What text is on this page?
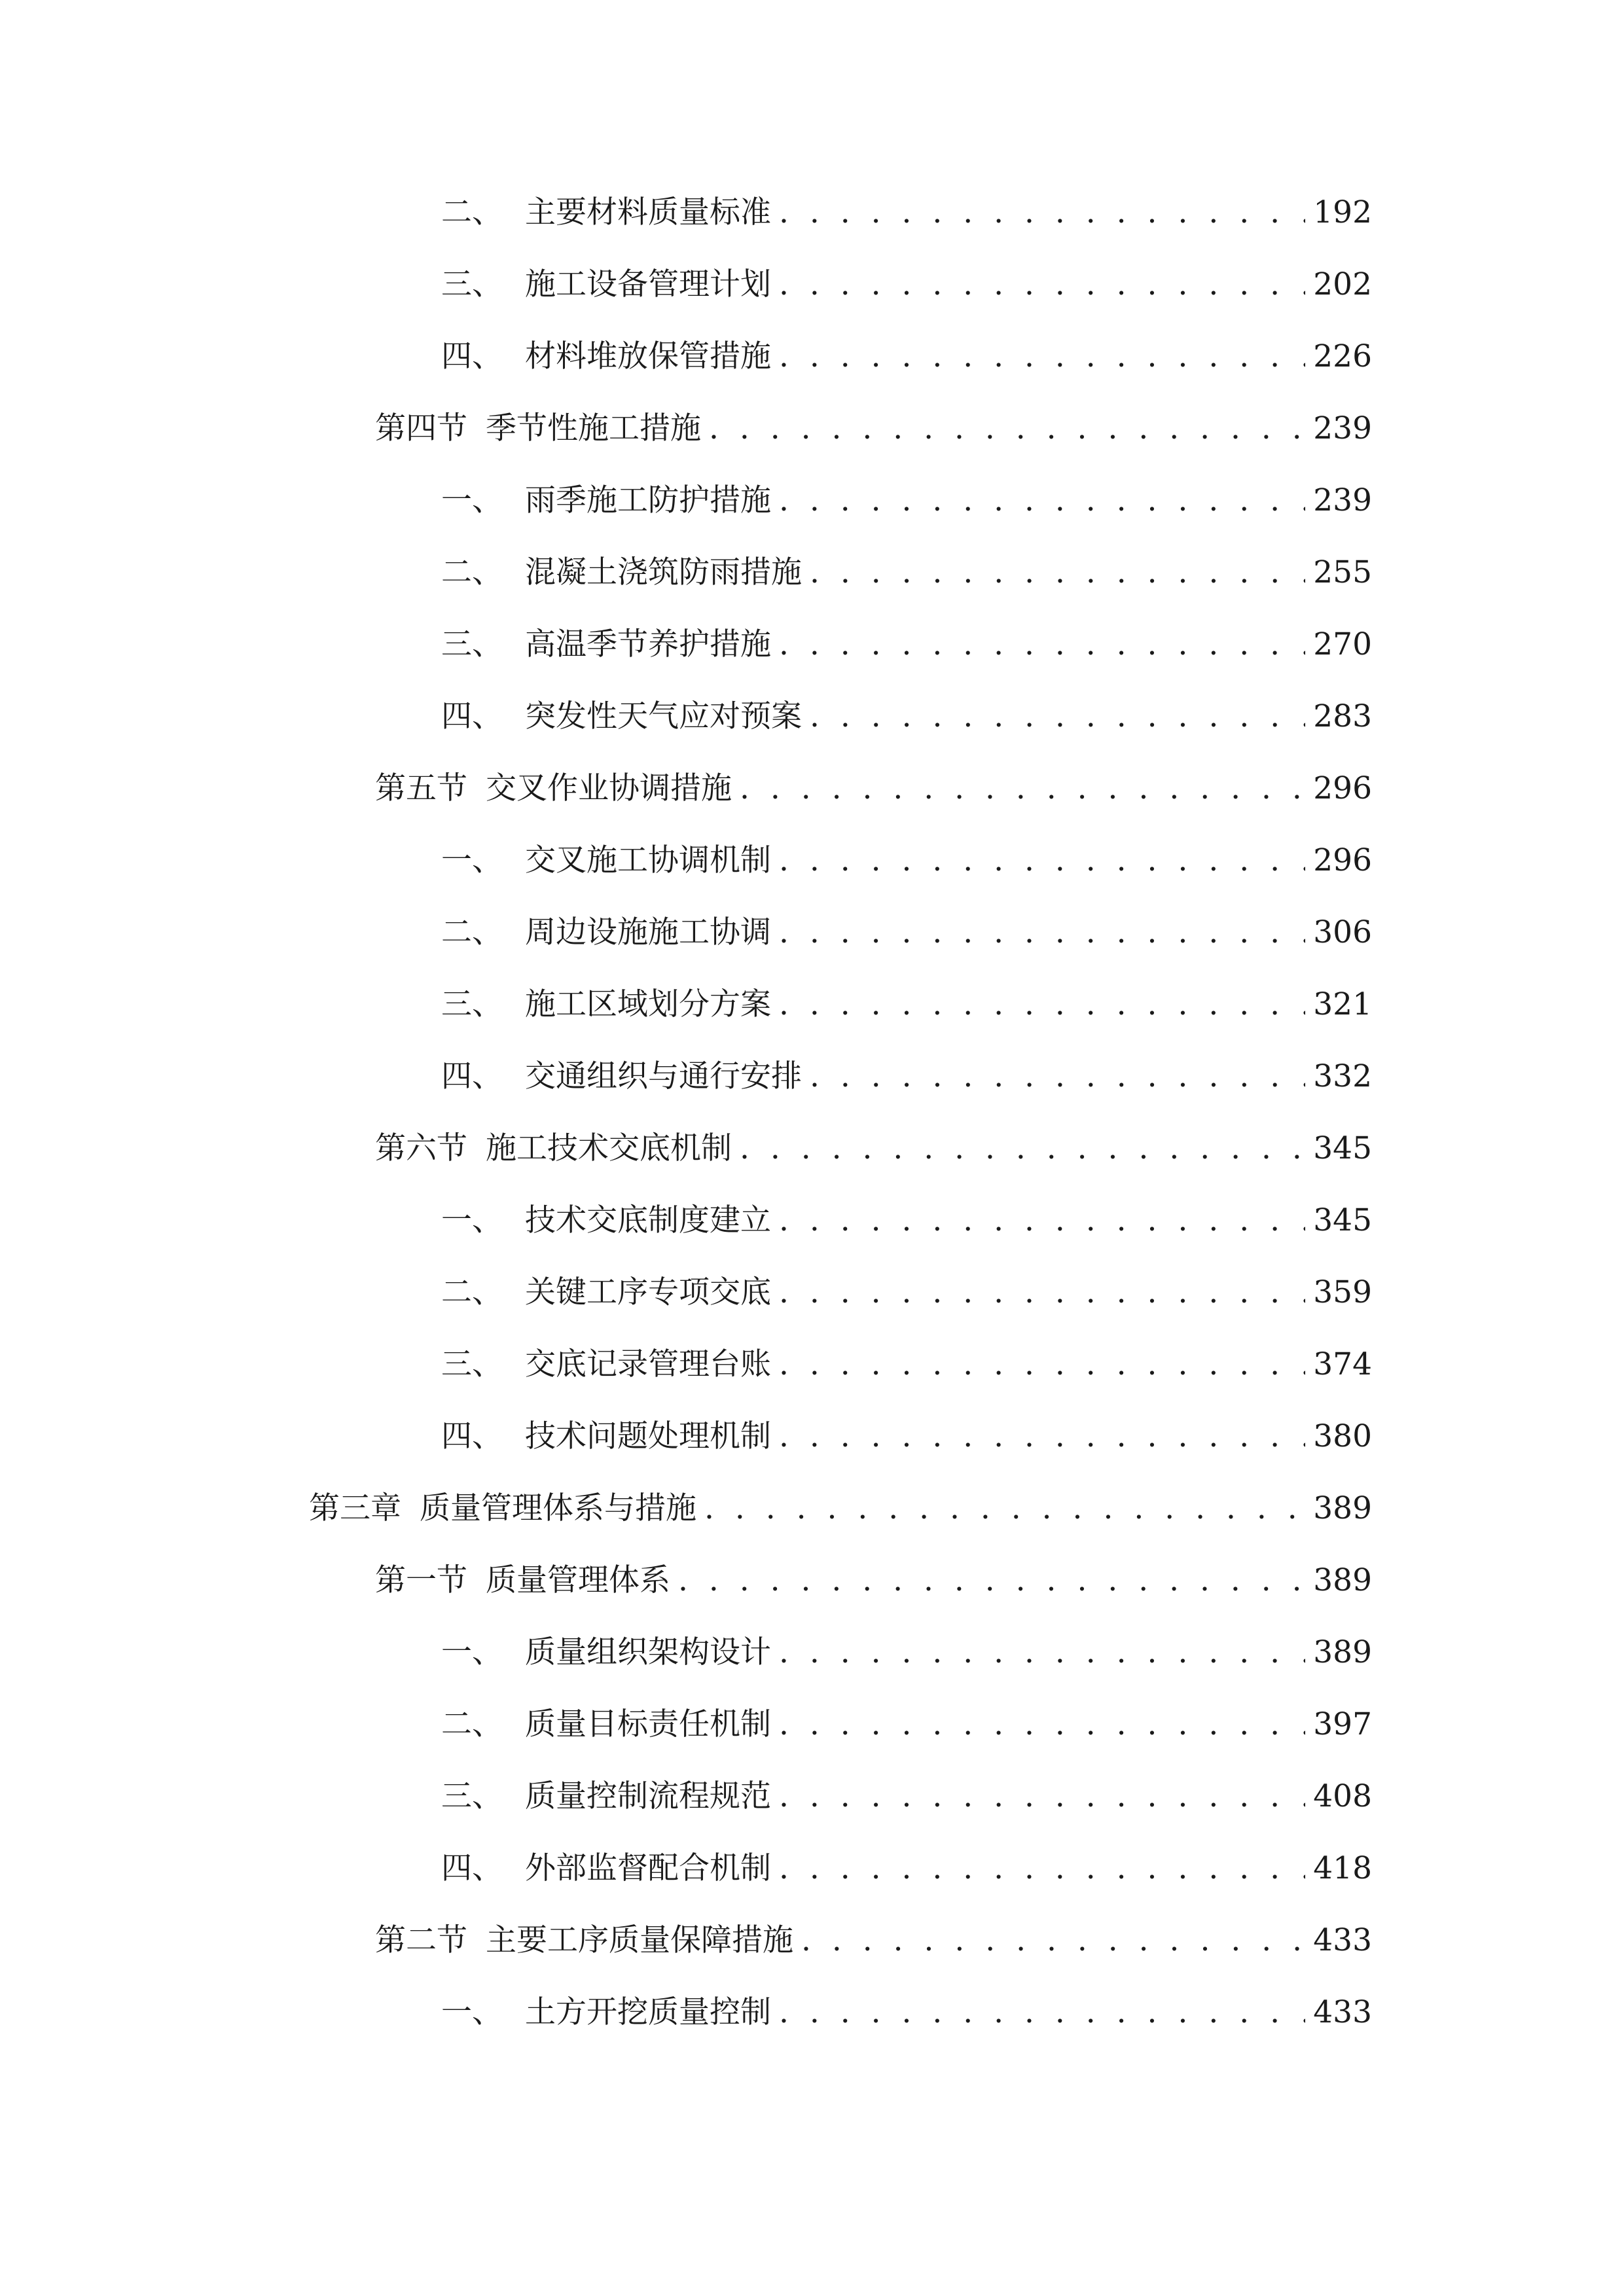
二、 主要材料质量标准 . . .	192
三、 施工设备管理计划 . . .	202
四、 材料堆放保管措施 . . .	226
第四节 季节性施工措施 . . .	239
一、 雨季施工防护措施 . . .	239
二、 混凝土浇筑防雨措施 . . .	255
三、 高温季节养护措施 . . .	270
四、 突发性天气应对预案 . . .	283
第五节 交叉作业协调措施 . . .	296
一、 交叉施工协调机制 . . .	296
二、 周边设施施工协调 . . .	306
三、 施工区域划分方案 . . .	321
四、 交通组织与通行安排 . . .	332
第六节 施工技术交底机制 . . .	345
一、 技术交底制度建立 . . .	345
二、 关键工序专项交底 . . .	359
三、 交底记录管理台账 . . .	374
四、 技术问题处理机制 . . .	380
第三章 质量管理体系与措施 . . .	389
第一节 质量管理体系 . . .	389
一、 质量组织架构设计 . . .	389
二、 质量目标责任机制 . . .	397
三、 质量控制流程规范 . . .	408
四、 外部监督配合机制 . . .	418
第二节 主要工序质量保障措施 . . .	433
一、 土方开挖质量控制 . . .	433
